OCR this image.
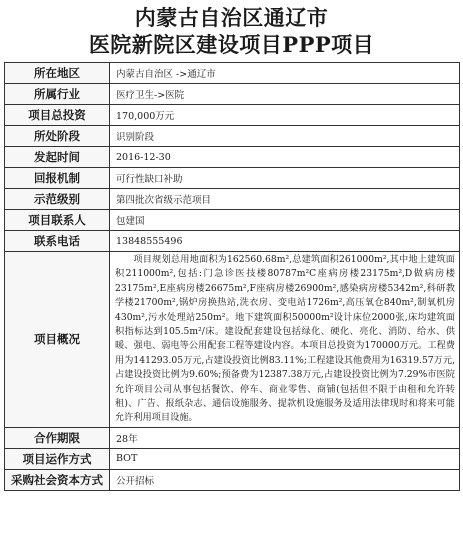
内蒙古自治区通辽市
医院新院区建设项目PPP项目
所在地区	内蒙古自治区 ->通辽市
所属行业	医疗卫生->医院
项目总投资	170,000万元
所处阶段	识别阶段
发起时间	2016-12-30
回报机制	可行性缺口补助
示范级别	第四批次省级示范项目
项目联系人	包建国
联系电话	13848555496
项目概况	项目规划总用地面积为162560.68m²,总建筑面积261000m²,其中地上建筑面积211000m²,包括:门急诊医技楼80787m²C座病房楼23175m²,D做病房楼23175m²,E座病房楼26675m²,F座病房楼26900m²,感染病房楼5342m²,科研教学楼21700m²,锅炉房换热站,洗衣房、变电站1726m²,高压氧仓840m²,制氧机房430m²,污水处理站250m²。地下建筑面积50000m²设计床位2000张,床均建筑面积指标达到105.5m²/床。建设配套建设包括绿化、硬化、亮化、消防、给水、供暖、强电、弱电等公用配套工程等建设内容。本项目总投资为170000万元。工程费用为141293.05万元,占建设投资比例83.11%;工程建设其他费用为16319.57万元,占建设投资比例为9.60%;预备费为12387.38万元,占建设投资比例为7.29%市医院允许项目公司从事包括餐饮、停车、商业零售、商铺(包括但不限于由租和允许转租)、广告、报纸杂志、通信设施服务、提款机设施服务及适用法律现时和将来可能允许利用项目设施。

合作期限	28年
项目运作方式	BOT
采购社会资本方式	公开招标
